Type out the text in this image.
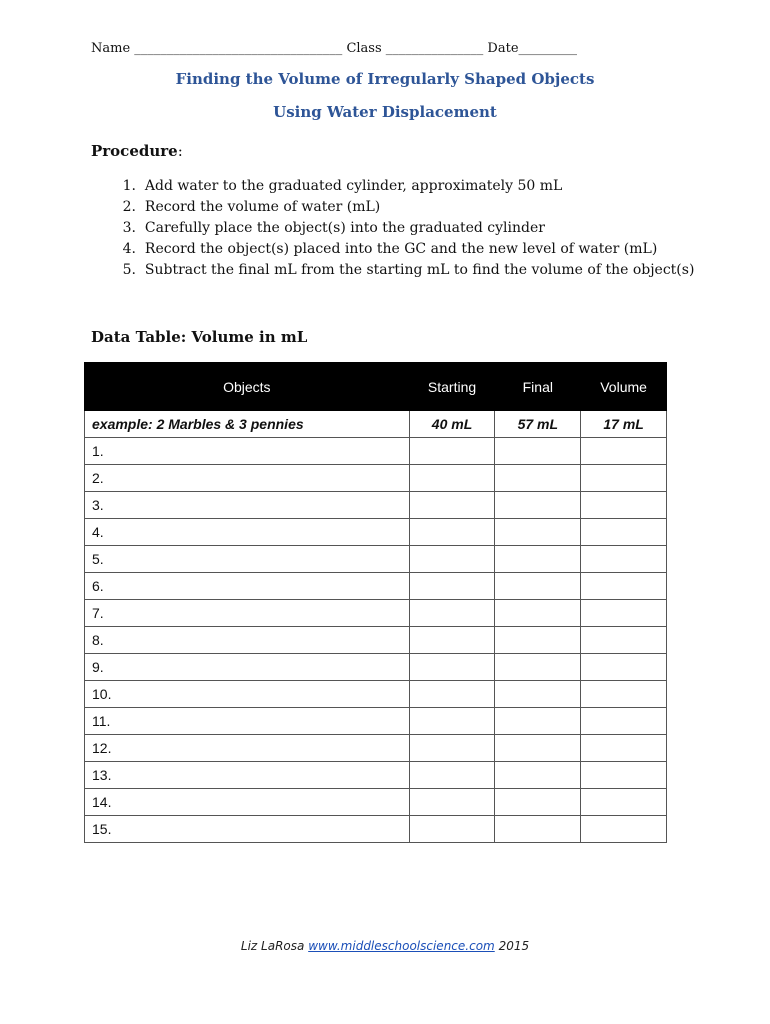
Name ________________________________ Class _______________ Date_________
Finding the Volume of Irregularly Shaped Objects
Using Water Displacement
Procedure:
1. Add water to the graduated cylinder, approximately 50 mL
2. Record the volume of water (mL)
3. Carefully place the object(s) into the graduated cylinder
4. Record the object(s) placed into the GC and the new level of water (mL)
5. Subtract the final mL from the starting mL to find the volume of the object(s)
Data Table: Volume in mL
Objects	Starting	Final	Volume
example: 2 Marbles & 3 pennies	40 mL	57 mL	17 mL
1.			
2.			
3.			
4.			
5.			
6.			
7.			
8.			
9.			
10.			
11.			
12.			
13.			
14.			
15.			
Liz LaRosa www.middleschoolscience.com 2015
